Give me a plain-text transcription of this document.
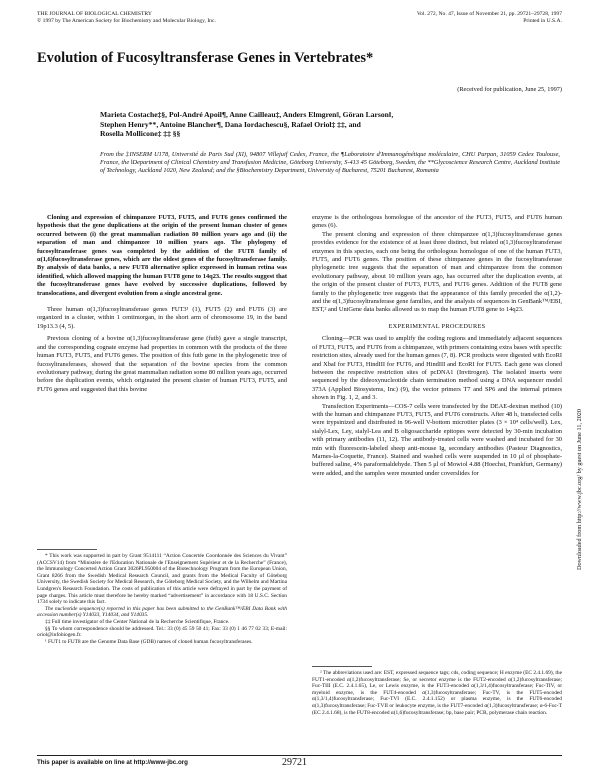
THE JOURNAL OF BIOLOGICAL CHEMISTRY
© 1997 by The American Society for Biochemistry and Molecular Biology, Inc.
Vol. 272, No. 47, Issue of November 21, pp. 29721–29728, 1997
Printed in U.S.A.
Evolution of Fucosyltransferase Genes in Vertebrates*
(Received for publication, June 25, 1997)
Marieta Costache‡§, Pol-André Apoil¶, Anne Cailleau‡, Anders Elmgren‖, Göran Larson‖,
Stephen Henry**, Antoine Blancher¶, Dana Iordachescu§, Rafael Oriol‡ ‡‡, and
Rosella Mollicone‡ ‡‡ §§
From the ‡INSERM U178, Université de Paris Sud (XI), 94807 Villejuif Cedex, France, the ¶Laboratoire d'Immunogénétique moléculaire, CHU Purpan, 31059 Cedex Toulouse, France, the ‖Department of Clinical Chemistry and Transfusion Medicine, Göteborg University, S-413 45 Göteborg, Sweden, the **Glycoscience Research Centre, Auckland Institute of Technology, Auckland 1020, New Zealand; and the §Biochemistry Department, University of Bucharest, 75201 Bucharest, Romania

Cloning and expression of chimpanzee FUT3, FUT5, and FUT6 genes confirmed the hypothesis that the gene duplications at the origin of the present human cluster of genes occurred between (i) the great mammalian radiation 80 million years ago and (ii) the separation of man and chimpanzee 10 million years ago. The phylogeny of fucosyltransferase genes was completed by the addition of the FUT8 family of α(1,6)fucosyltransferase genes, which are the oldest genes of the fucosyltransferase family. By analysis of data banks, a new FUT8 alternative splice expressed in human retina was identified, which allowed mapping the human FUT8 gene to 14q23. The results suggest that the fucosyltransferase genes have evolved by successive duplications, followed by translocations, and divergent evolution from a single ancestral gene.

Three human α(1,3)fucosyltransferase genes FUT3¹ (1), FUT5 (2) and FUT6 (3) are organized in a cluster, within 1 centimorgan, in the short arm of chromosome 19, in the band 19p13.3 (4, 5).

Previous cloning of a bovine α(1,3)fucosyltransferase gene (futb) gave a single transcript, and the corresponding cognate enzyme had properties in common with the products of the three human FUT3, FUT5, and FUT6 genes. The position of this futb gene in the phylogenetic tree of fucosyltransferases, showed that the separation of the bovine species from the common evolutionary pathway, during the great mammalian radiation some 80 million years ago, occurred before the duplication events, which originated the present cluster of human FUT3, FUT5, and FUT6 genes and suggested that this bovine

* This work was supported in part by Grant 9514111 “Action Concertée Coordonnée des Sciences du Vivant” (ACCSV14) from “Ministère de l'Education Nationale de l'Enseignement Supérieur et de la Recherche” (France), the Immunology Concerted Action Grant 3026PL950004 of the Biotechnology Program from the European Union, Grant 8266 from the Swedish Medical Research Council, and grants from the Medical Faculty of Göteborg University, the Swedish Society for Medical Research, the Göteborg Medical Society, and the Wilhelm and Martina Lundgren's Research Foundation. The costs of publication of this article were defrayed in part by the payment of page charges. This article must therefore be hereby marked “advertisement” in accordance with 18 U.S.C. Section 1734 solely to indicate this fact.

The nucleotide sequence(s) reported in this paper has been submitted to the GenBank™/EBI Data Bank with accession number(s) Y14033, Y14034, and Y14035.

‡‡ Full time investigator of the Center National de la Recherche Scientifique, France.

§§ To whom correspondence should be addressed. Tel.: 33 (0) 45 59 50 41; Fax: 33 (0) 1 46 77 02 33; E-mail: oriol@infobiogen.fr.

¹ FUT1 to FUT8 are the Genome Data Base (GDB) names of cloned human fucosyltransferases.

enzyme is the orthologous homologue of the ancestor of the FUT3, FUT5, and FUT6 human genes (6).

The present cloning and expression of three chimpanzee α(1,3)fucosyltransferase genes provides evidence for the existence of at least three distinct, but related α(1,3)fucosyltransferase enzymes in this species, each one being the orthologous homologue of one of the human FUT3, FUT5, and FUT6 genes. The position of these chimpanzee genes in the fucosyltransferase phylogenetic tree suggests that the separation of man and chimpanzee from the common evolutionary pathway, about 10 million years ago, has occurred after the duplication events, at the origin of the present cluster of FUT3, FUT5, and FUT6 genes. Addition of the FUT8 gene family to the phylogenetic tree suggests that the appearance of this family preceded the α(1,2)- and the α(1,3)fucosyltransferase gene families, and the analysis of sequences in GenBank™/EBI, EST,² and UniGene data banks allowed us to map the human FUT8 gene to 14q23.

EXPERIMENTAL PROCEDURES

Cloning—PCR was used to amplify the coding regions and immediately adjacent sequences of FUT3, FUT5, and FUT6 from a chimpanzee, with primers containing extra bases with specific restriction sites, already used for the human genes (7, 8). PCR products were digested with EcoRI and XbaI for FUT3, HindIII for FUT6, and HindIII and EcoRI for FUT5. Each gene was cloned between the respective restriction sites of pcDNA1 (Invitrogen). The isolated inserts were sequenced by the dideoxynucleotide chain termination method using a DNA sequencer model 373A (Applied Biosystems, Inc) (9), the vector primers T7 and SP6 and the internal primers shown in Fig. 1, 2, and 3.

Transfection Experiments—COS-7 cells were transfected by the DEAE-dextran method (10) with the human and chimpanzee FUT3, FUT5, and FUT6 constructs. After 48 h, transfected cells were trypsinized and distributed in 96-well V-bottom microtiter plates (3 × 10⁴ cells/well). Lex, sialyl-Lex, Ley, sialyl-Lea and B oligosaccharide epitopes were detected by 30-min incubation with primary antibodies (11, 12). The antibody-treated cells were washed and incubated for 30 min with fluorescein-labeled sheep anti-mouse Ig, secondary antibodies (Pasteur Diagnostics, Marnes-la-Coquette, France). Stained and washed cells were suspended in 10 μl of phosphate-buffered saline, 4% paraformaldehyde. Then 5 μl of Mowiol 4.88 (Hoechst, Frankfurt, Germany) were added, and the samples were mounted under coverslides for

² The abbreviations used are: EST, expressed sequence tags; cds, coding sequence; H enzyme (EC 2.4.1.69), the FUT1-encoded α(1,2)fucosyltransferase; Se, or secretor enzyme is the FUT2-encoded α(1,2)fucosyltransferase; Fuc-TIII (E.C. 2.4.1.65), Le, or Lewis enzyme, is the FUT3-encoded α(1,3/1,4)fucosyltransferase; Fuc-TIV, or myeloid enzyme, is the FUT4-encoded α(1,3)fucosyltransferase; Fuc-TV, is the FUT5-encoded α(1,3/1,4)fucosyltransferase; Fuc-TVI (E.C. 2.4.1.152) or plasma enzyme, is the FUT6-encoded α(1,3)fucosyltransferase; Fuc-TVII or leukocyte enzyme, is the FUT7-encoded α(1,3)fucosyltransferase; α-6-Fuc-T (EC 2.4.1.68), is the FUT8-encoded α(1,6)fucosyltransferase; bp, base pair; PCR, polymerase chain reaction.

This paper is available on line at http://www-jbc.org	29721
Downloaded from http://www.jbc.org/ by guest on June 11, 2020
